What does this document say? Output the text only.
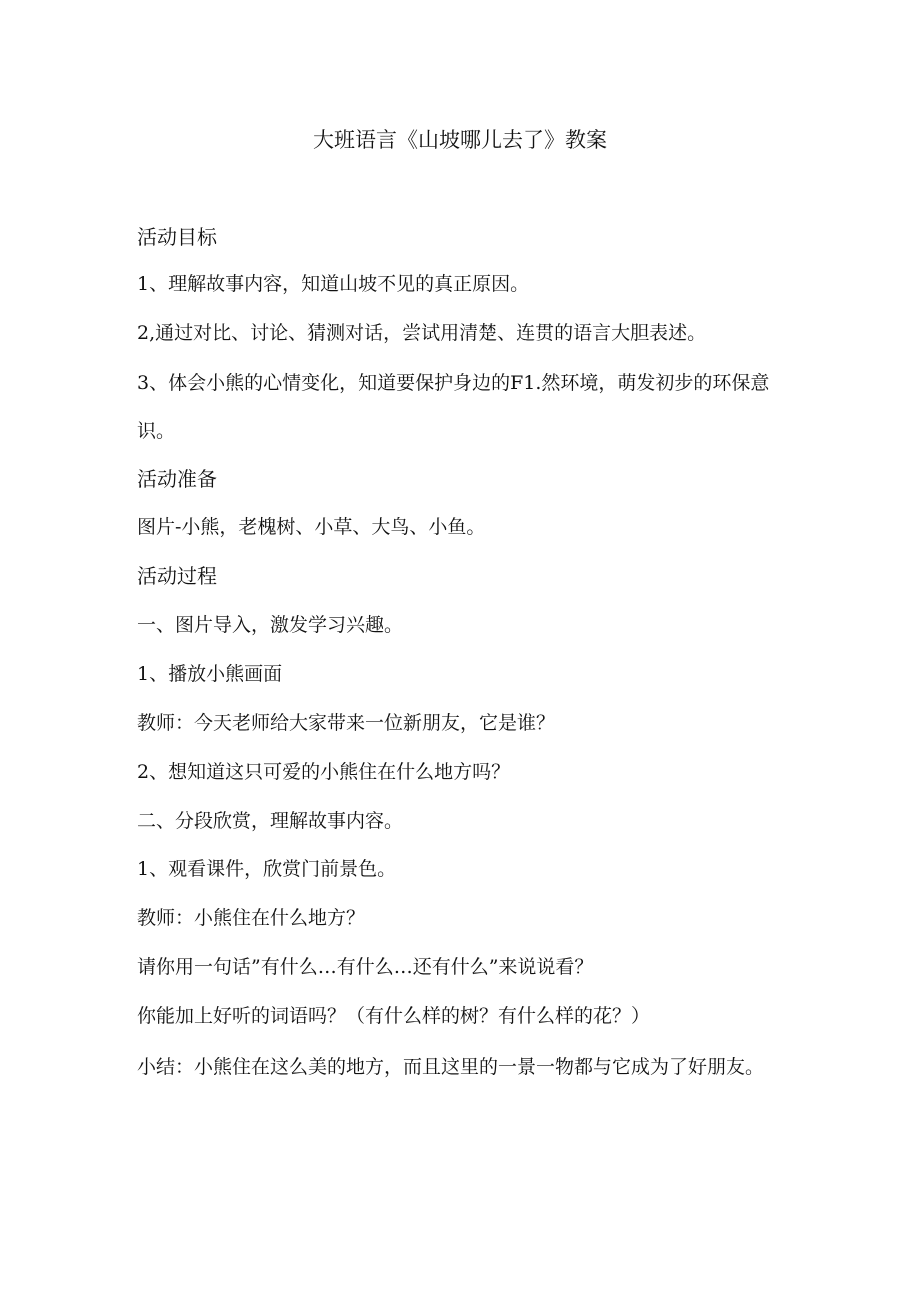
大班语言《山坡哪儿去了》教案
活动目标

1、理解故事内容，知道山坡不见的真正原因。

2,通过对比、讨论、猜测对话，尝试用清楚、连贯的语言大胆表述。

3、体会小熊的心情变化，知道要保护身边的F1.然环境，萌发初步的环保意识。

活动准备

图片-小熊，老槐树、小草、大鸟、小鱼。

活动过程

一、图片导入，激发学习兴趣。

1、播放小熊画面

教师：今天老师给大家带来一位新朋友，它是谁？

2、想知道这只可爱的小熊住在什么地方吗？

二、分段欣赏，理解故事内容。

1、观看课件，欣赏门前景色。

教师：小熊住在什么地方？

请你用一句话”有什么…有什么…还有什么”来说说看？

你能加上好听的词语吗？（有什么样的树？有什么样的花？）

小结：小熊住在这么美的地方，而且这里的一景一物都与它成为了好朋友。
